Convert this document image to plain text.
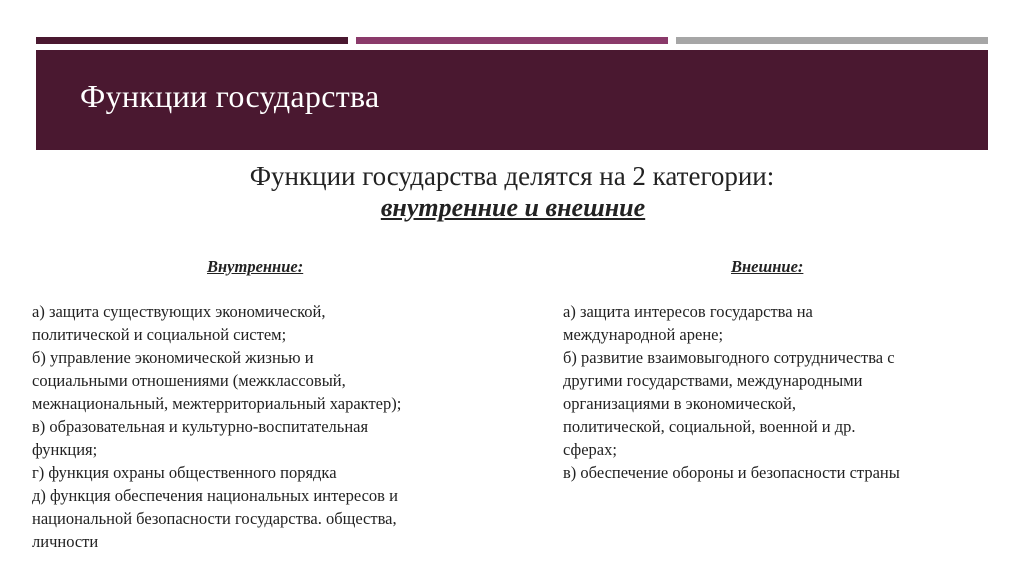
Функции государства
Функции государства делятся на 2 категории:
внутренние и внешние
Внутренние:

а) защита существующих экономической,

политической и социальной систем;

б) управление экономической жизнью и

социальными отношениями (межклассовый,

межнациональный, межтерриториальный характер);

в) образовательная и культурно-воспитательная

функция;

г) функция охраны общественного порядка

д) функция обеспечения национальных интересов и

национальной безопасности государства. общества,

личности

Внешние:

а) защита интересов государства на

международной арене;

б) развитие взаимовыгодного сотрудничества с

другими государствами, международными

организациями в экономической,

политической, социальной, военной и др.

сферах;

в) обеспечение обороны и безопасности страны
